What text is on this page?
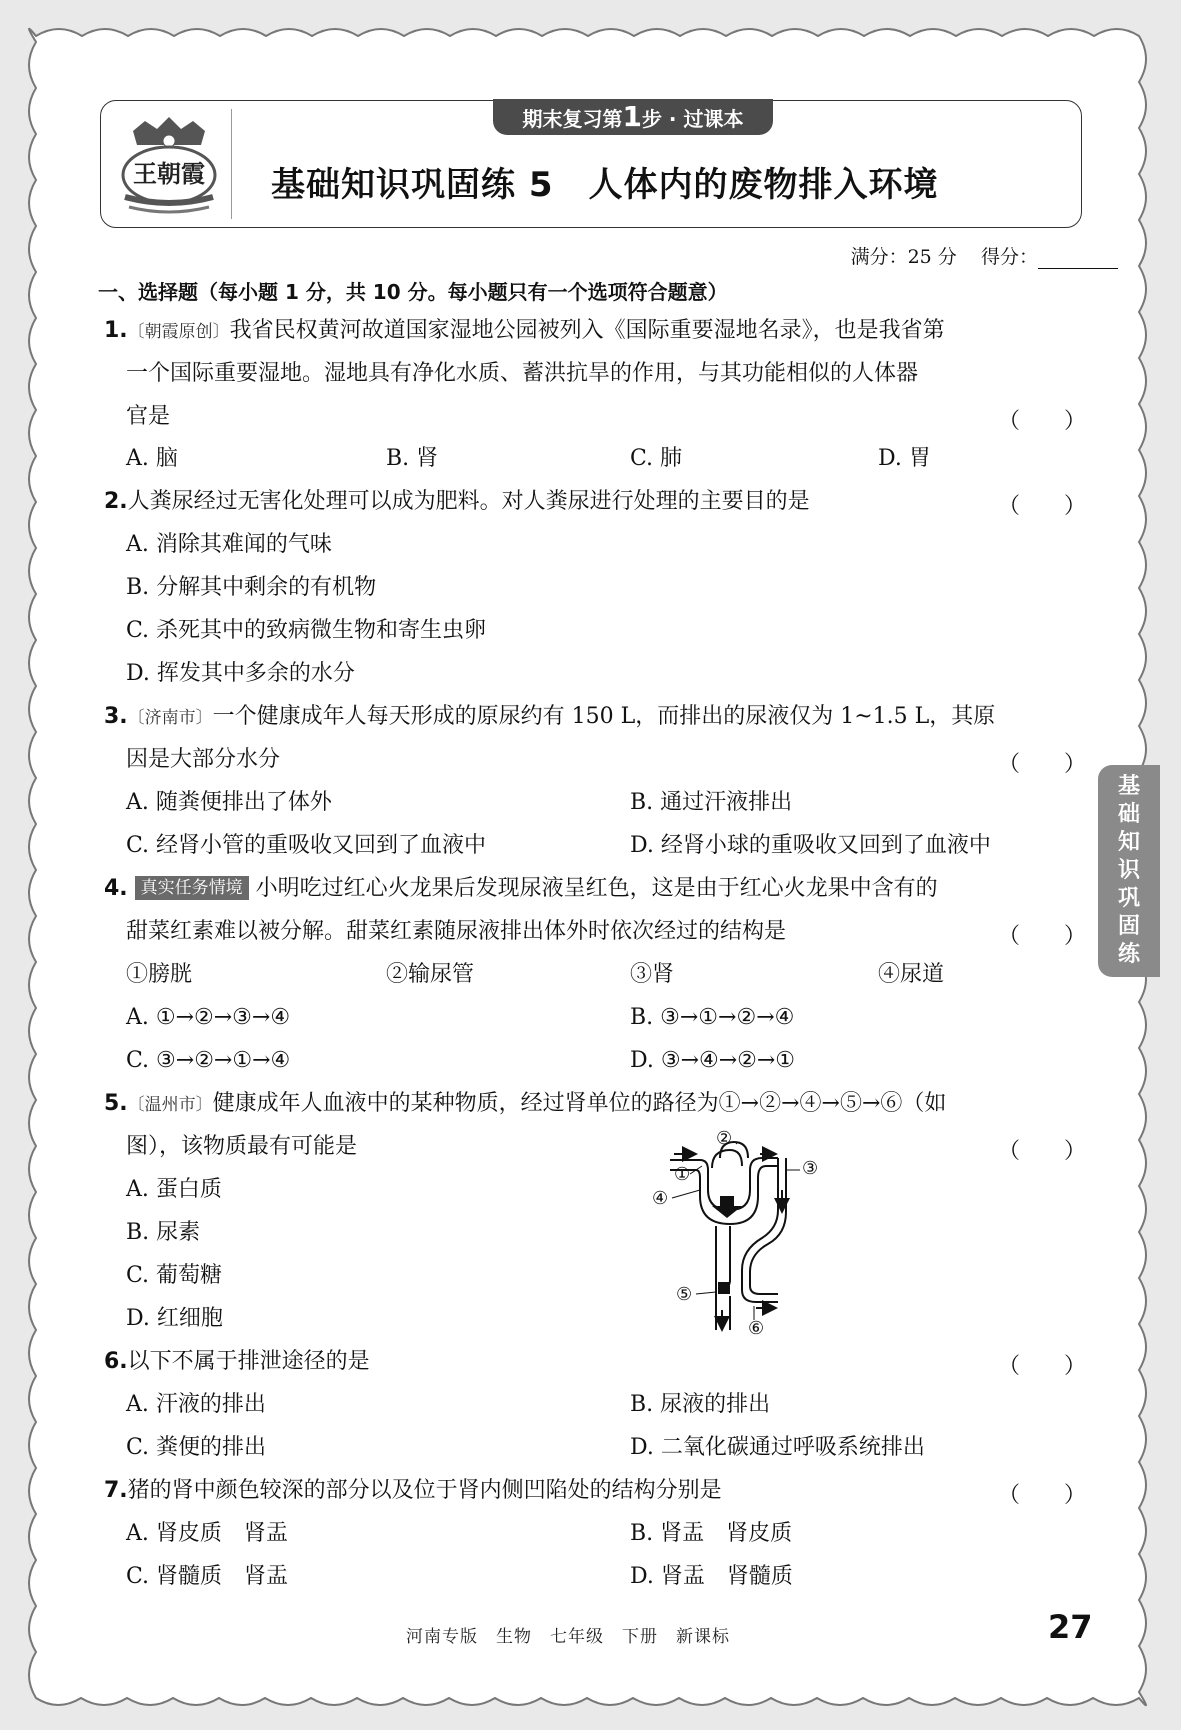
王朝霞
期末复习第1步 · 过课本
基础知识巩固练 5　人体内的废物排入环境
满分：25 分 得分：
一、选择题（每小题 1 分，共 10 分。每小题只有一个选项符合题意）
1.〔朝霞原创〕我省民权黄河故道国家湿地公园被列入《国际重要湿地名录》，也是我省第
一个国际重要湿地。湿地具有净化水质、蓄洪抗旱的作用，与其功能相似的人体器
官是	（　　）
A. 脑	B. 肾	C. 肺	D. 胃
2.人粪尿经过无害化处理可以成为肥料。对人粪尿进行处理的主要目的是	（　　）
A. 消除其难闻的气味
B. 分解其中剩余的有机物
C. 杀死其中的致病微生物和寄生虫卵
D. 挥发其中多余的水分
3.〔济南市〕一个健康成年人每天形成的原尿约有 150 L，而排出的尿液仅为 1~1.5 L，其原
因是大部分水分	（　　）
A. 随粪便排出了体外	B. 通过汗液排出
C. 经肾小管的重吸收又回到了血液中	D. 经肾小球的重吸收又回到了血液中
4. 真实任务情境 小明吃过红心火龙果后发现尿液呈红色，这是由于红心火龙果中含有的
甜菜红素难以被分解。甜菜红素随尿液排出体外时依次经过的结构是	（　　）
①膀胱	②输尿管	③肾	④尿道
A. ①→②→③→④	B. ③→①→②→④
C. ③→②→①→④	D. ③→④→②→①
5.〔温州市〕健康成年人血液中的某种物质，经过肾单位的路径为①→②→④→⑤→⑥（如
图），该物质最有可能是	（　　）
A. 蛋白质
B. 尿素
C. 葡萄糖
D. 红细胞
①
②
③
④
⑤
⑥
6.以下不属于排泄途径的是	（　　）
A. 汗液的排出	B. 尿液的排出
C. 粪便的排出	D. 二氧化碳通过呼吸系统排出
7.猪的肾中颜色较深的部分以及位于肾内侧凹陷处的结构分别是	（　　）
A. 肾皮质　肾盂	B. 肾盂　肾皮质
C. 肾髓质　肾盂	D. 肾盂　肾髓质
河南专版　生物　七年级　下册　新课标	27
基
础
知
识
巩
固
练
